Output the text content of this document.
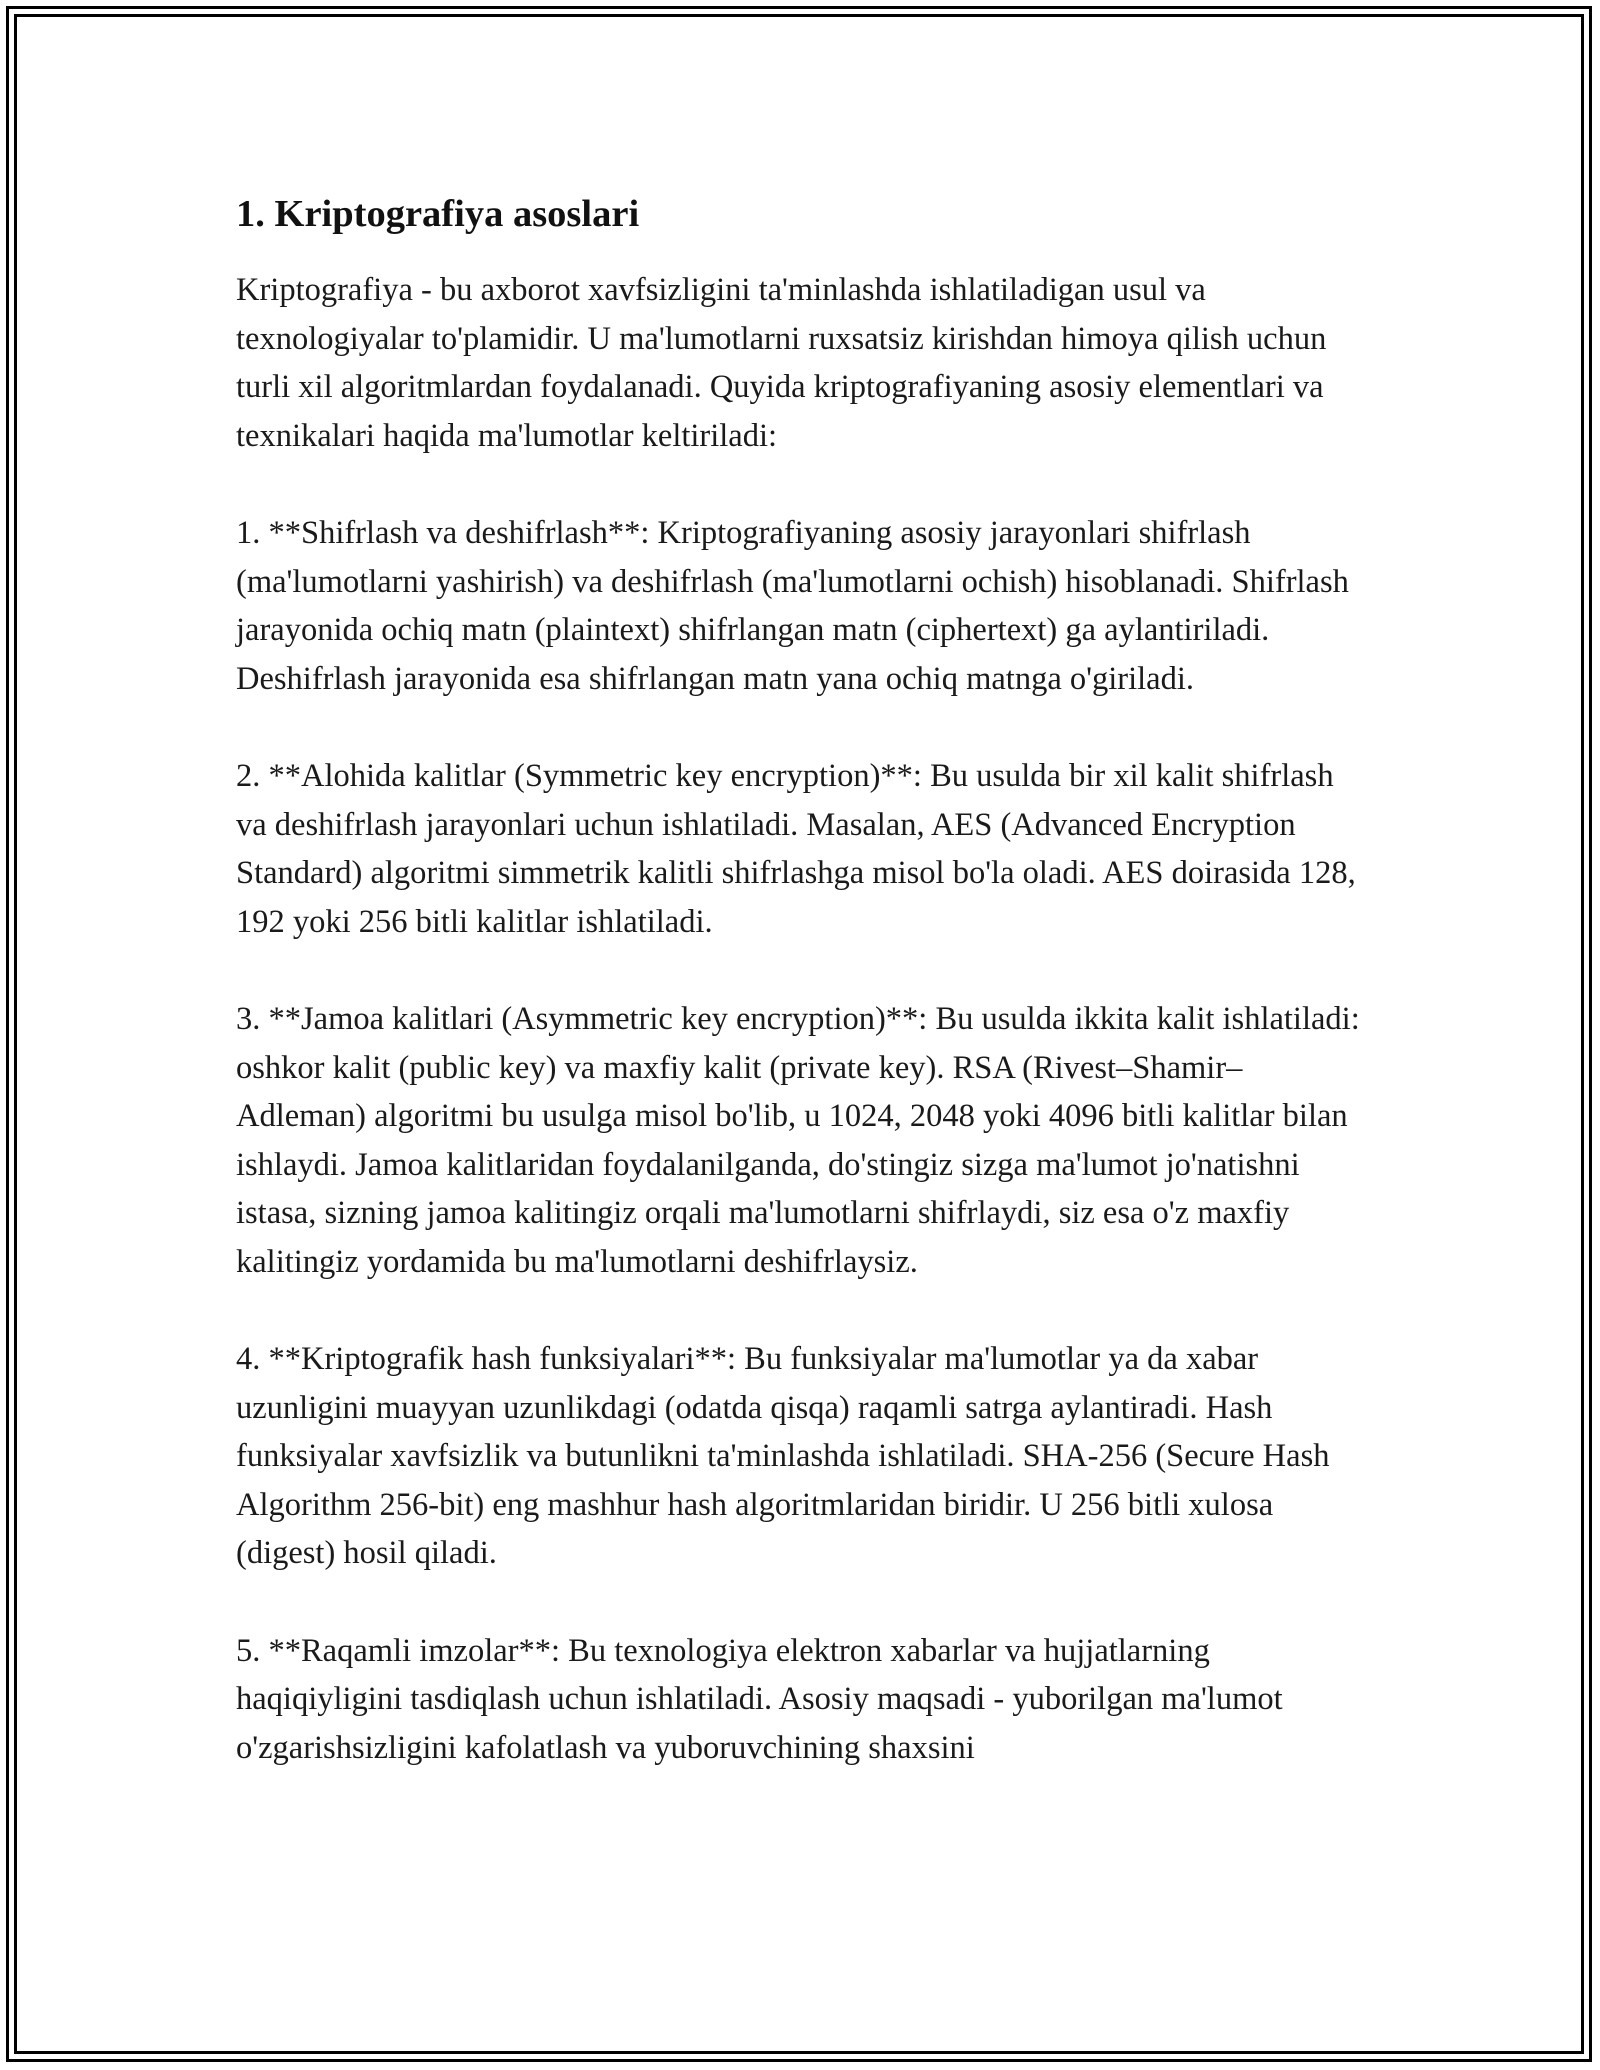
1. Kriptografiya asoslari

Kriptografiya - bu axborot xavfsizligini ta'minlashda ishlatiladigan usul va texnologiyalar to'plamidir. U ma'lumotlarni ruxsatsiz kirishdan himoya qilish uchun turli xil algoritmlardan foydalanadi. Quyida kriptografiyaning asosiy elementlari va texnikalari haqida ma'lumotlar keltiriladi:

1. **Shifrlash va deshifrlash**: Kriptografiyaning asosiy jarayonlari shifrlash (ma'lumotlarni yashirish) va deshifrlash (ma'lumotlarni ochish) hisoblanadi. Shifrlash jarayonida ochiq matn (plaintext) shifrlangan matn (ciphertext) ga aylantiriladi. Deshifrlash jarayonida esa shifrlangan matn yana ochiq matnga o'giriladi.

2. **Alohida kalitlar (Symmetric key encryption)**: Bu usulda bir xil kalit shifrlash va deshifrlash jarayonlari uchun ishlatiladi. Masalan, AES (Advanced Encryption Standard) algoritmi simmetrik kalitli shifrlashga misol bo'la oladi. AES doirasida 128, 192 yoki 256 bitli kalitlar ishlatiladi.

3. **Jamoa kalitlari (Asymmetric key encryption)**: Bu usulda ikkita kalit ishlatiladi: oshkor kalit (public key) va maxfiy kalit (private key). RSA (Rivest–Shamir–Adleman) algoritmi bu usulga misol bo'lib, u 1024, 2048 yoki 4096 bitli kalitlar bilan ishlaydi. Jamoa kalitlaridan foydalanilganda, do'stingiz sizga ma'lumot jo'natishni istasa, sizning jamoa kalitingiz orqali ma'lumotlarni shifrlaydi, siz esa o'z maxfiy kalitingiz yordamida bu ma'lumotlarni deshifrlaysiz.

4. **Kriptografik hash funksiyalari**: Bu funksiyalar ma'lumotlar ya da xabar uzunligini muayyan uzunlikdagi (odatda qisqa) raqamli satrga aylantiradi. Hash funksiyalar xavfsizlik va butunlikni ta'minlashda ishlatiladi. SHA-256 (Secure Hash Algorithm 256-bit) eng mashhur hash algoritmlaridan biridir. U 256 bitli xulosa (digest) hosil qiladi.

5. **Raqamli imzolar**: Bu texnologiya elektron xabarlar va hujjatlarning haqiqiyligini tasdiqlash uchun ishlatiladi. Asosiy maqsadi - yuborilgan ma'lumot o'zgarishsizligini kafolatlash va yuboruvchining shaxsini
